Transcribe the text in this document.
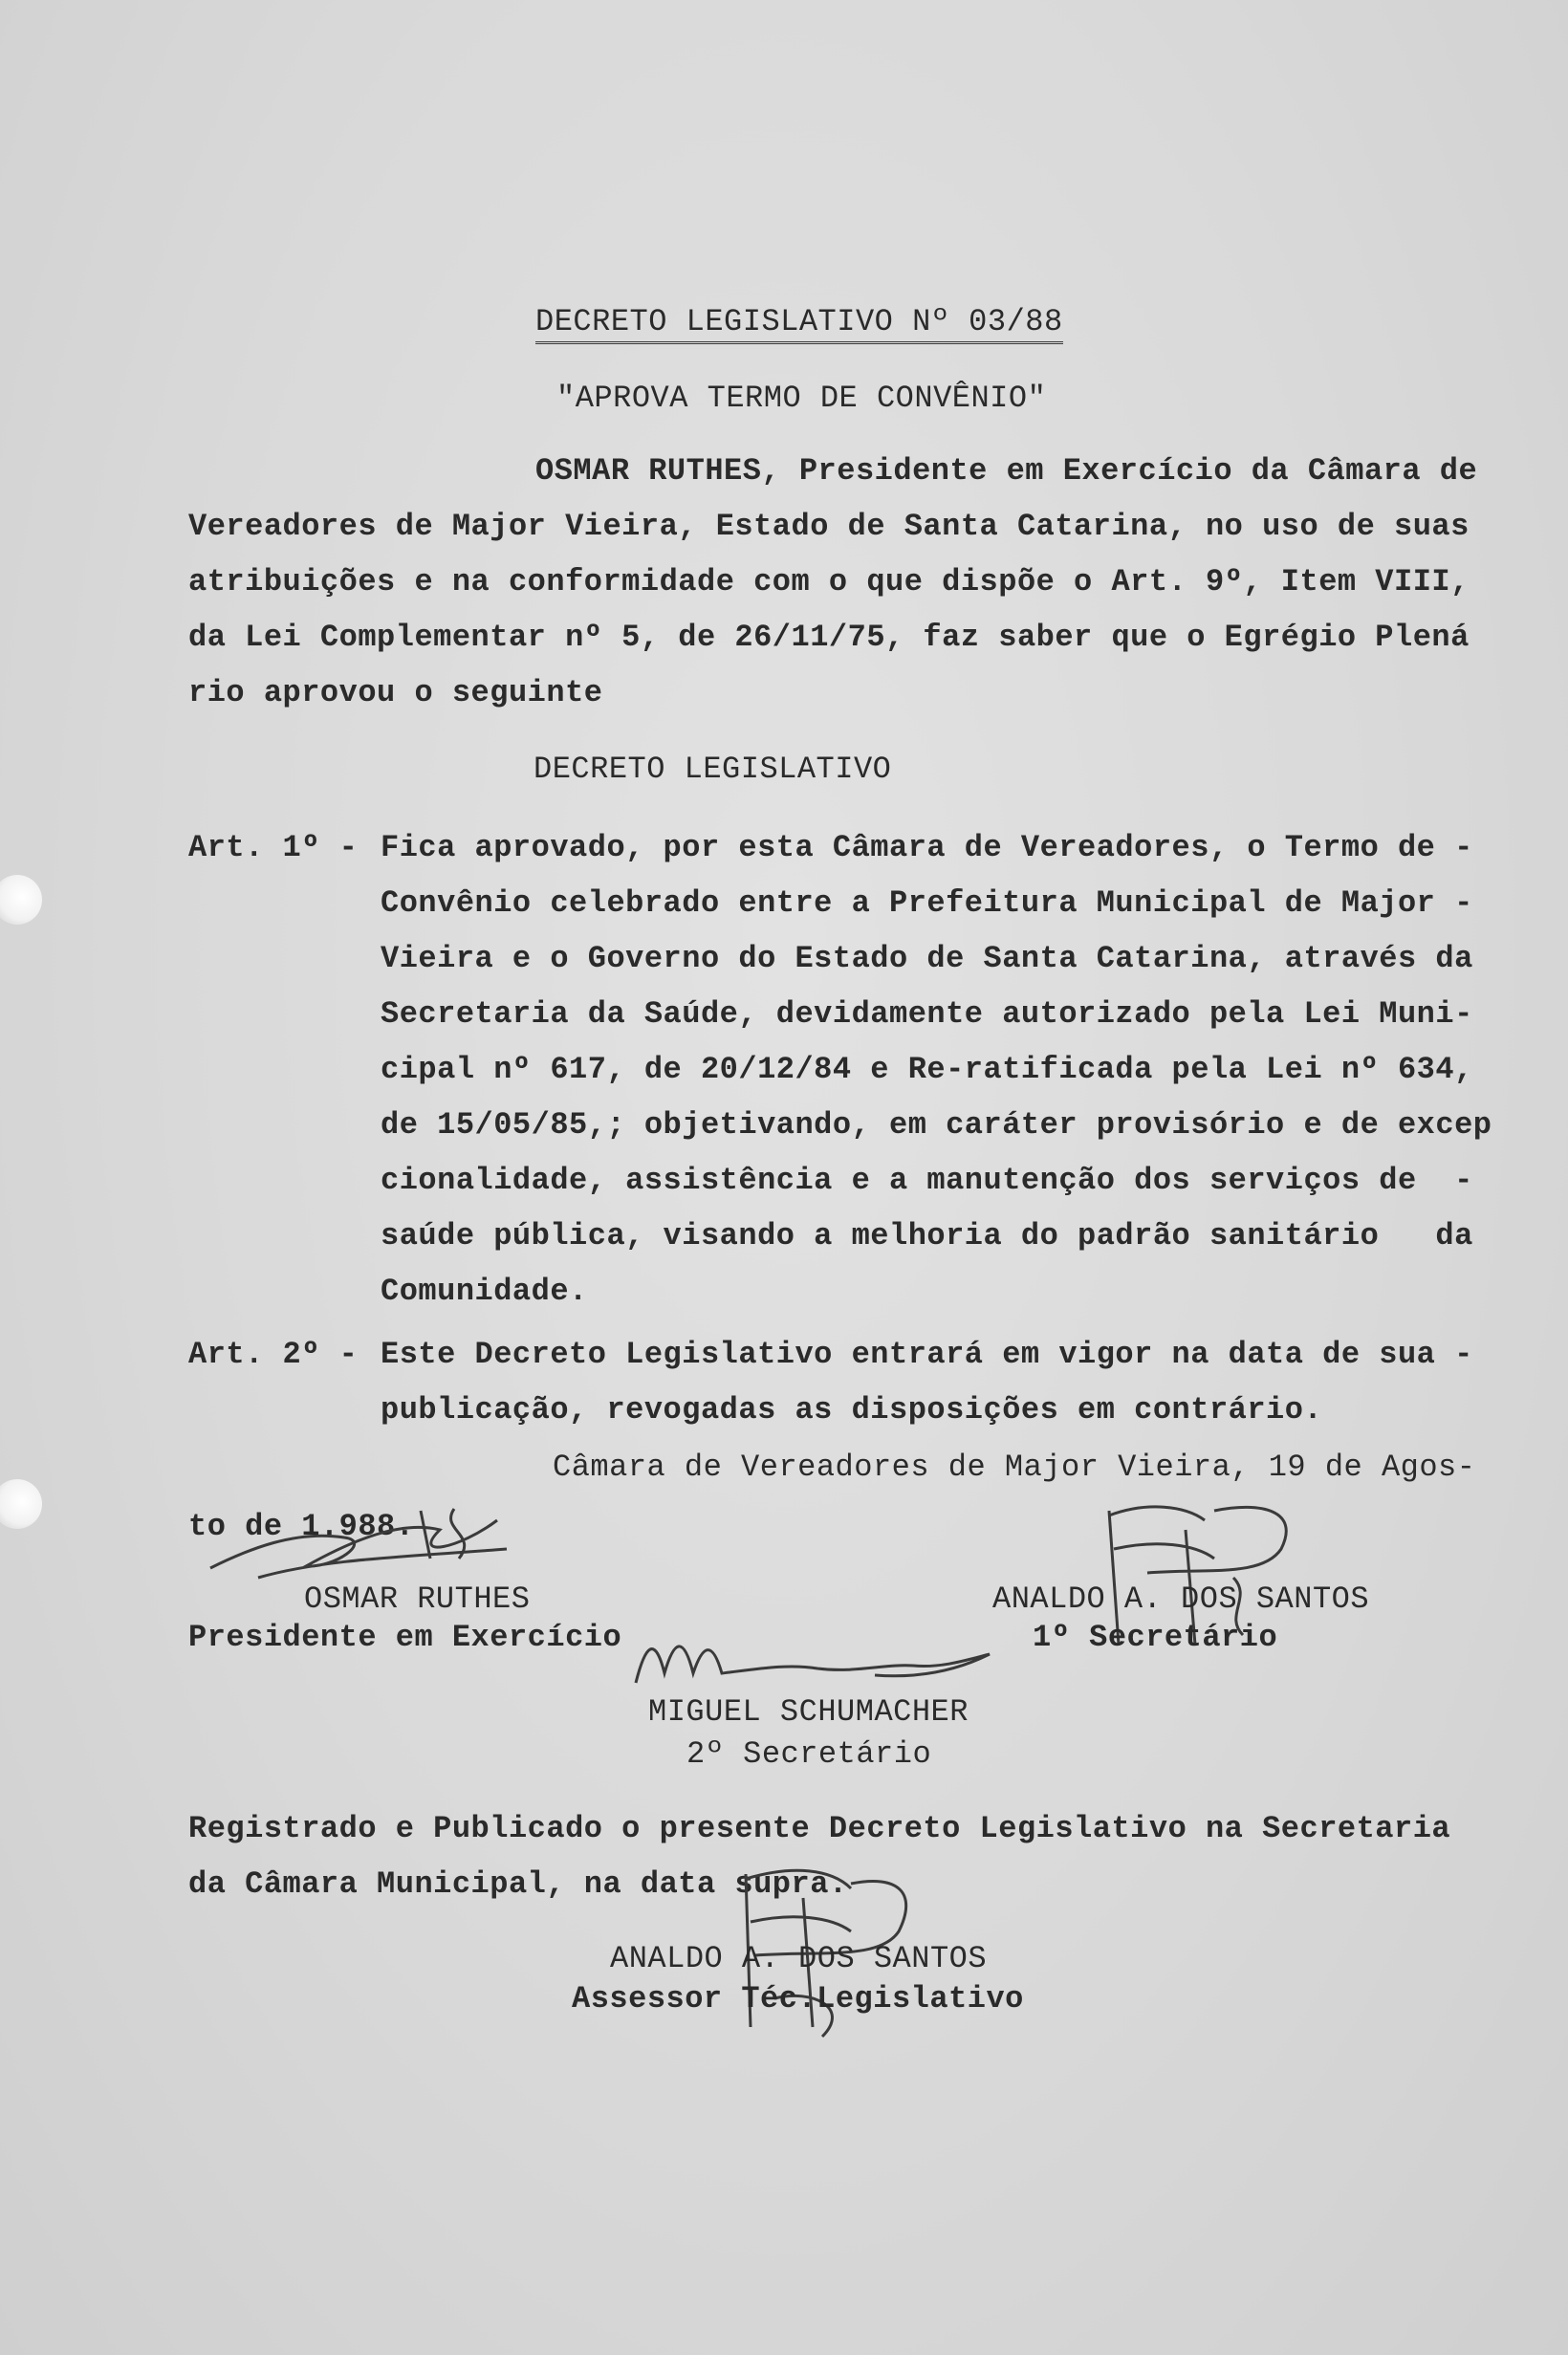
DECRETO LEGISLATIVO Nº 03/88
"APROVA TERMO DE CONVÊNIO"
OSMAR RUTHES, Presidente em Exercício da Câmara de
Vereadores de Major Vieira, Estado de Santa Catarina, no uso de suas
atribuições e na conformidade com o que dispõe o Art. 9º, Item VIII,
da Lei Complementar nº 5, de 26/11/75, faz saber que o Egrégio Plená
rio aprovou o seguinte
DECRETO LEGISLATIVO
Art. 1º - Fica aprovado, por esta Câmara de Vereadores, o Termo de -
Convênio celebrado entre a Prefeitura Municipal de Major -
Vieira e o Governo do Estado de Santa Catarina, através da
Secretaria da Saúde, devidamente autorizado pela Lei Muni-
cipal nº 617, de 20/12/84 e Re-ratificada pela Lei nº 634,
de 15/05/85,; objetivando, em caráter provisório e de excep
cionalidade, assistência e a manutenção dos serviços de  -
saúde pública, visando a melhoria do padrão sanitário   da
Comunidade.
Art. 2º - Este Decreto Legislativo entrará em vigor na data de sua -
publicação, revogadas as disposições em contrário.
Câmara de Vereadores de Major Vieira, 19 de Agos-
to de 1.988.
OSMAR RUTHES
Presidente em Exercício
ANALDO A. DOS SANTOS
1º Secretário
MIGUEL SCHUMACHER
2º Secretário
Registrado e Publicado o presente Decreto Legislativo na Secretaria
da Câmara Municipal, na data supra.
ANALDO A. DOS SANTOS
Assessor Téc.Legislativo
